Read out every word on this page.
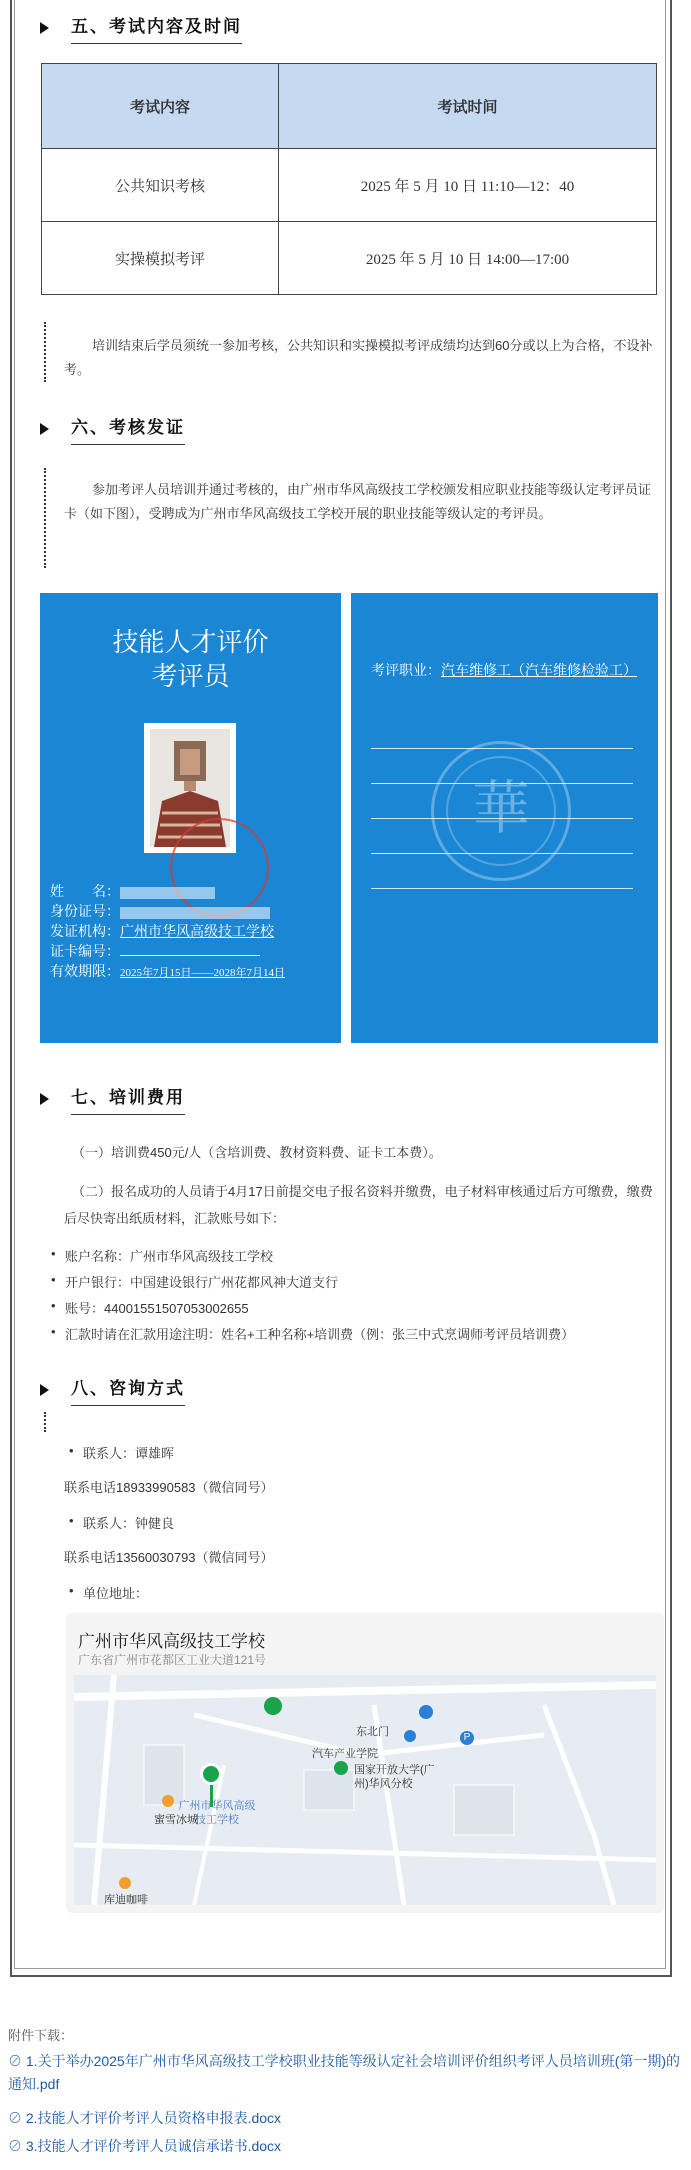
五、考试内容及时间
考试内容	考试时间
公共知识考核	2025 年 5 月 10 日 11:10—12：40
实操模拟考评	2025 年 5 月 10 日 14:00—17:00
培训结束后学员须统一参加考核，公共知识和实操模拟考评成绩均达到60分或以上为合格，不设补考。
六、考核发证
参加考评人员培训并通过考核的，由广州市华风高级技工学校颁发相应职业技能等级认定考评员证卡（如下图），受聘成为广州市华风高级技工学校开展的职业技能等级认定的考评员。
技能人才评价
考评员
姓　　名：
身份证号：
发证机构：广州市华风高级技工学校
证卡编号：
有效期限：2025年7月15日——2028年7月14日
考评职业：汽车维修工（汽车维修检验工）
華
七、培训费用
（一）培训费450元/人（含培训费、教材资料费、证卡工本费）。
（二）报名成功的人员请于4月17日前提交电子报名资料并缴费，电子材料审核通过后方可缴费，缴费后尽快寄出纸质材料，汇款账号如下：
• 账户名称：广州市华风高级技工学校
• 开户银行：中国建设银行广州花都风神大道支行
• 账号：44001551507053002655
• 汇款时请在汇款用途注明：姓名+工种名称+培训费（例：张三中式烹调师考评员培训费）
八、咨询方式
• 联系人：谭雄晖
联系电话18933990583（微信同号）
• 联系人：钟健良
联系电话13560030793（微信同号）
• 单位地址：
广州市华风高级技工学校
广东省广州市花都区工业大道121号
东北门	P
汽车产业学院
国家开放大学(广州)华风分校
广州市华风高级技工学校
蜜雪冰城
库迪咖啡
附件下载：
⊘ 1.关于举办2025年广州市华风高级技工学校职业技能等级认定社会培训评价组织考评人员培训班(第一期)的通知.pdf
⊘ 2.技能人才评价考评人员资格申报表.docx
⊘ 3.技能人才评价考评人员诚信承诺书.docx
